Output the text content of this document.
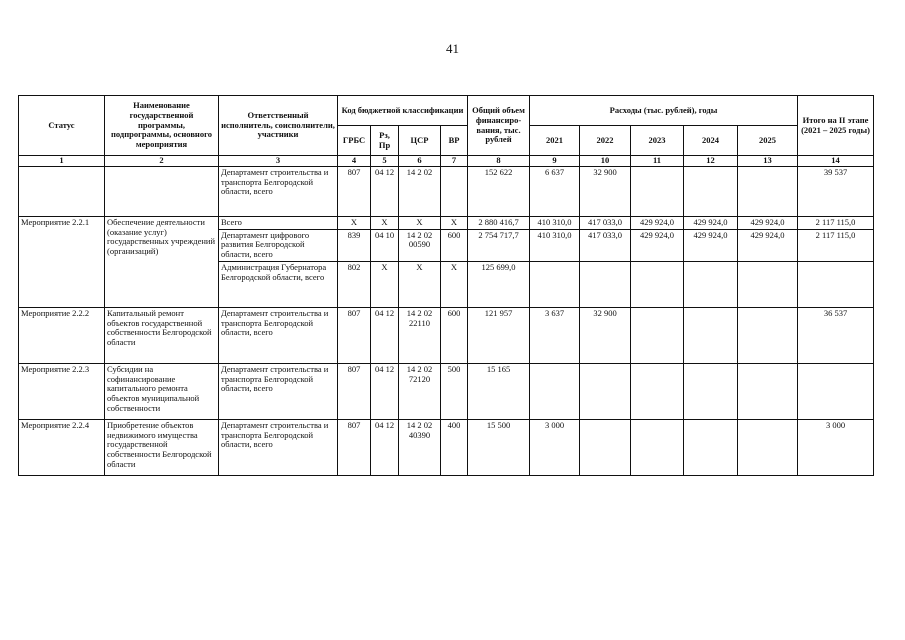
41
Статус	Наименование государственной программы, подпрограммы, основного мероприятия	Ответственный исполнитель, соисполнители, участники	Код бюджетной классификации				Общий объем финансиро-вания, тыс. рублей	Расходы (тыс. рублей), годы					Итого на II этапе (2021 – 2025 годы)
			ГРБС	Рз, Пр	ЦСР	ВР		2021	2022	2023	2024	2025	
1	2	3	4	5	6	7	8	9	10	11	12	13	14
		Департамент строительства и транспорта Белгородской области, всего	807	04 12	14 2 02		152 622	6 637	32 900				39 537
Мероприятие 2.2.1	Обеспечение деятельности (оказание услуг) государственных учреждений (организаций)	Всего	Х	Х	Х	Х	2 880 416,7	410 310,0	417 033,0	429 924,0	429 924,0	429 924,0	2 117 115,0
		Департамент цифрового развития Белгородской области, всего	839	04 10	14 2 02 00590	600	2 754 717,7	410 310,0	417 033,0	429 924,0	429 924,0	429 924,0	2 117 115,0
		Администрация Губернатора Белгородской области, всего	802	Х	Х	Х	125 699,0						
Мероприятие 2.2.2	Капитальный ремонт объектов государственной собственности Белгородской области	Департамент строительства и транспорта Белгородской области, всего	807	04 12	14 2 02 22110	600	121 957	3 637	32 900				36 537
Мероприятие 2.2.3	Субсидии на софинансирование капитального ремонта объектов муниципальной собственности	Департамент строительства и транспорта Белгородской области, всего	807	04 12	14 2 02 72120	500	15 165						
Мероприятие 2.2.4	Приобретение объектов недвижимого имущества государственной собственности Белгородской области	Департамент строительства и транспорта Белгородской области, всего	807	04 12	14 2 02 40390	400	15 500	3 000					3 000
